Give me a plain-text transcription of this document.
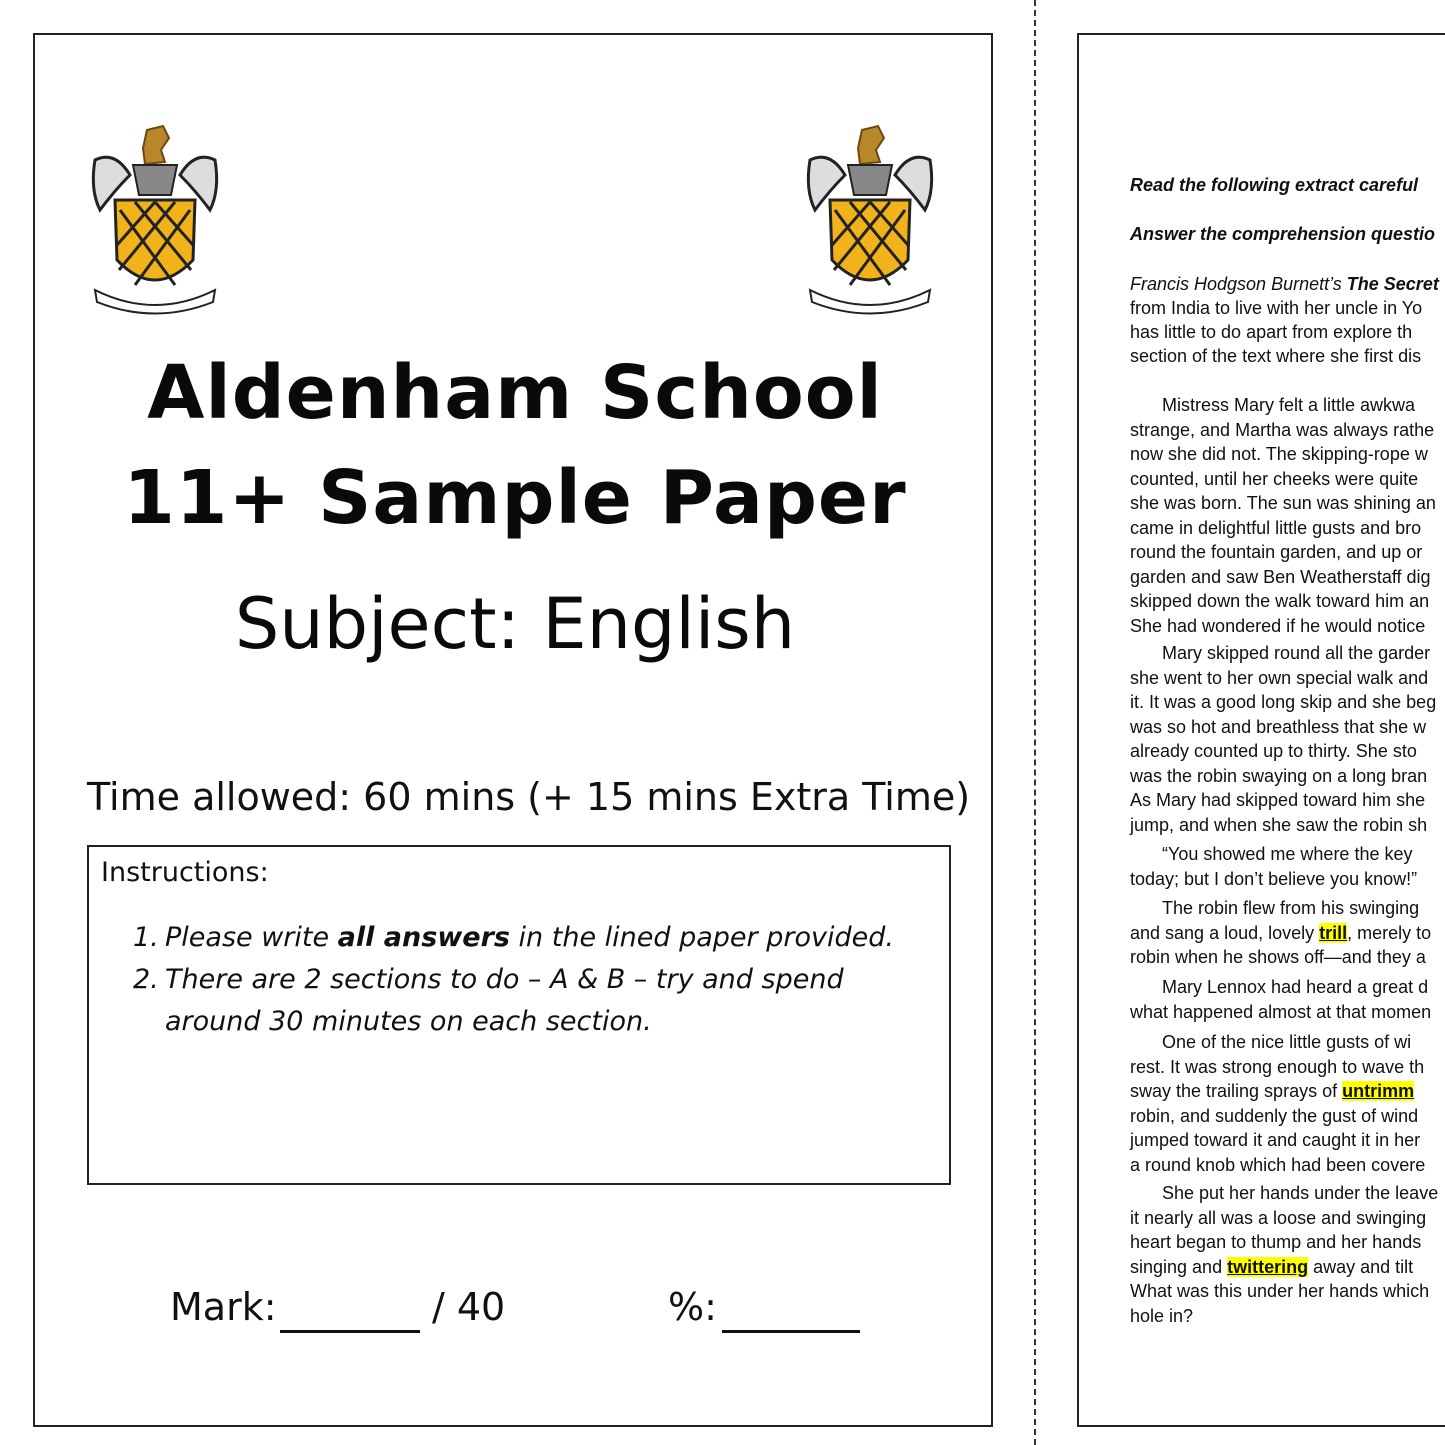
Aldenham School
11+ Sample Paper
Subject: English
Time allowed: 60 mins (+ 15 mins Extra Time)
Instructions:
1. Please write all answers in the lined paper provided.
2. There are 2 sections to do – A & B – try and spend around 30 minutes on each section.
Mark:	/ 40	%:
Read the following extract careful
Answer the comprehension questio
Francis Hodgson Burnett’s The Secret
from India to live with her uncle in Yo
has little to do apart from explore th
section of the text where she first dis

Mistress Mary felt a little awkwa

strange, and Martha was always rathe

now she did not. The skipping-rope w

counted, until her cheeks were quite

she was born. The sun was shining an

came in delightful little gusts and bro

round the fountain garden, and up or

garden and saw Ben Weatherstaff dig

skipped down the walk toward him an

She had wondered if he would notice

Mary skipped round all the garder

she went to her own special walk and

it. It was a good long skip and she beg

was so hot and breathless that she w

already counted up to thirty. She sto

was the robin swaying on a long bran

As Mary had skipped toward him she

jump, and when she saw the robin sh

“You showed me where the key

today; but I don’t believe you know!”

The robin flew from his swinging

and sang a loud, lovely trill, merely to

robin when he shows off—and they a

Mary Lennox had heard a great d

what happened almost at that momen

One of the nice little gusts of wi

rest. It was strong enough to wave th

sway the trailing sprays of untrimm

robin, and suddenly the gust of wind

jumped toward it and caught it in her

a round knob which had been covere

She put her hands under the leave

it nearly all was a loose and swinging

heart began to thump and her hands

singing and twittering away and tilt

What was this under her hands which

hole in?
